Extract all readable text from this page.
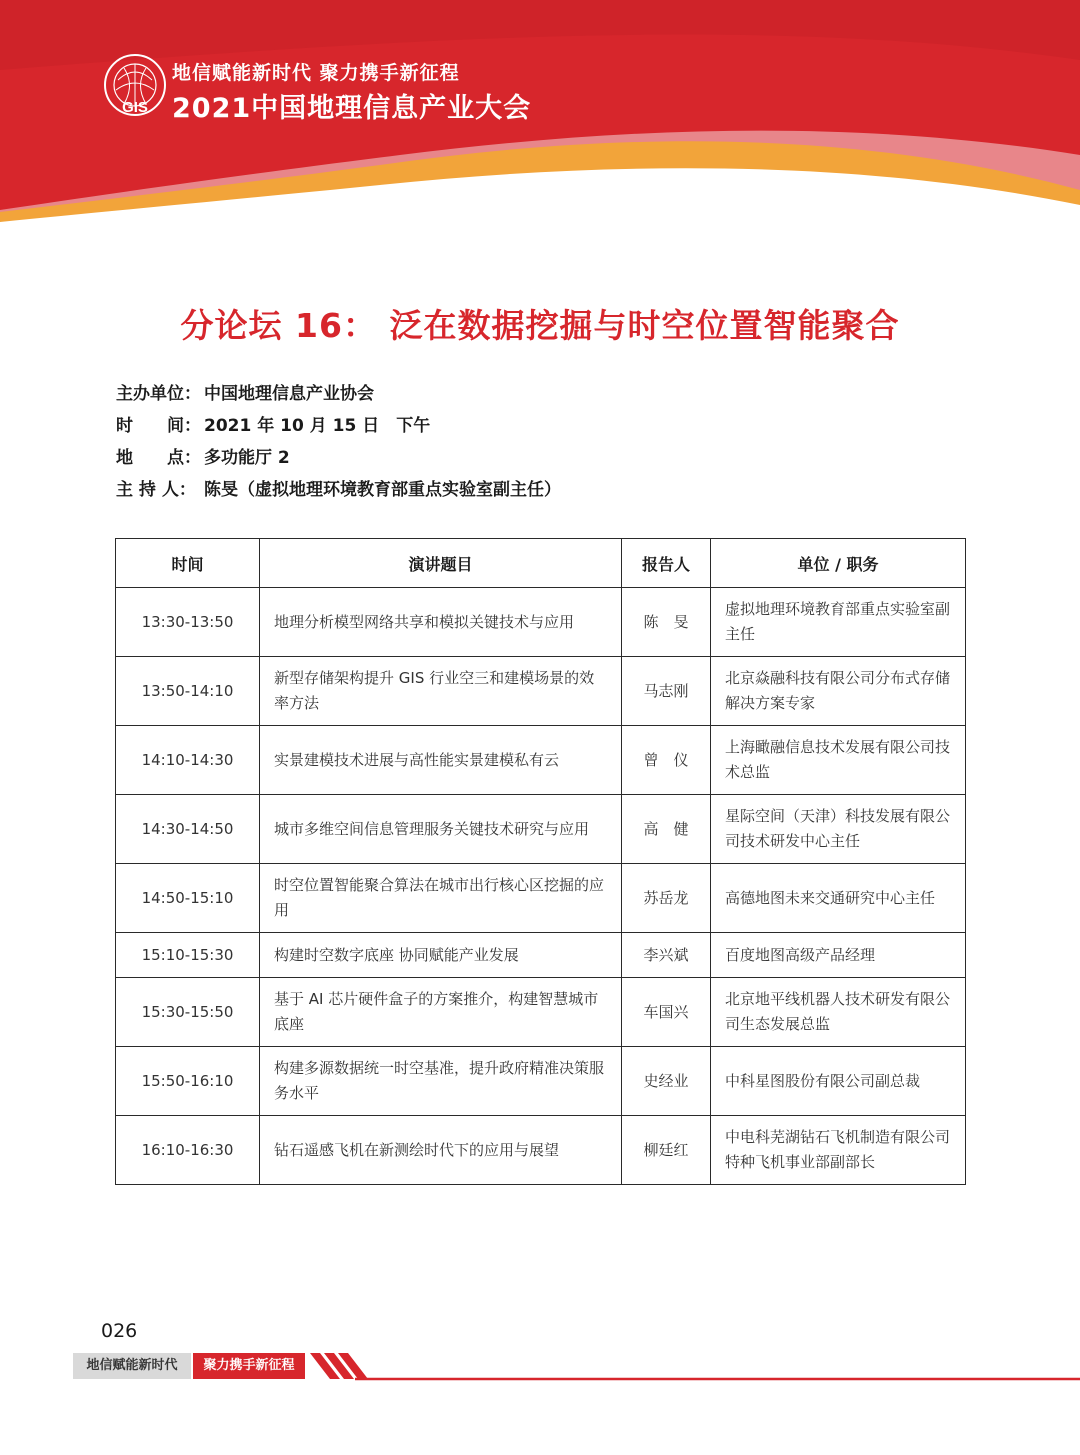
GIS
地信赋能新时代 聚力携手新征程
2021中国地理信息产业大会
分论坛 16： 泛在数据挖掘与时空位置智能聚合
主办单位： 中国地理信息产业协会
时　　间： 2021 年 10 月 15 日　下午
地　　点： 多功能厅 2
主 持 人： 陈旻（虚拟地理环境教育部重点实验室副主任）
时间	演讲题目	报告人	单位 / 职务
13:30-13:50	地理分析模型网络共享和模拟关键技术与应用	陈　旻	虚拟地理环境教育部重点实验室副主任
13:50-14:10	新型存储架构提升 GIS 行业空三和建模场景的效率方法	马志刚	北京焱融科技有限公司分布式存储解决方案专家
14:10-14:30	实景建模技术进展与高性能实景建模私有云	曾　仪	上海瞰融信息技术发展有限公司技术总监
14:30-14:50	城市多维空间信息管理服务关键技术研究与应用	高　健	星际空间（天津）科技发展有限公司技术研发中心主任
14:50-15:10	时空位置智能聚合算法在城市出行核心区挖掘的应用	苏岳龙	高德地图未来交通研究中心主任
15:10-15:30	构建时空数字底座 协同赋能产业发展	李兴斌	百度地图高级产品经理
15:30-15:50	基于 AI 芯片硬件盒子的方案推介，构建智慧城市底座	车国兴	北京地平线机器人技术研发有限公司生态发展总监
15:50-16:10	构建多源数据统一时空基准，提升政府精准决策服务水平	史经业	中科星图股份有限公司副总裁
16:10-16:30	钻石遥感飞机在新测绘时代下的应用与展望	柳廷红	中电科芜湖钻石飞机制造有限公司特种飞机事业部副部长
026
地信赋能新时代	聚力携手新征程
